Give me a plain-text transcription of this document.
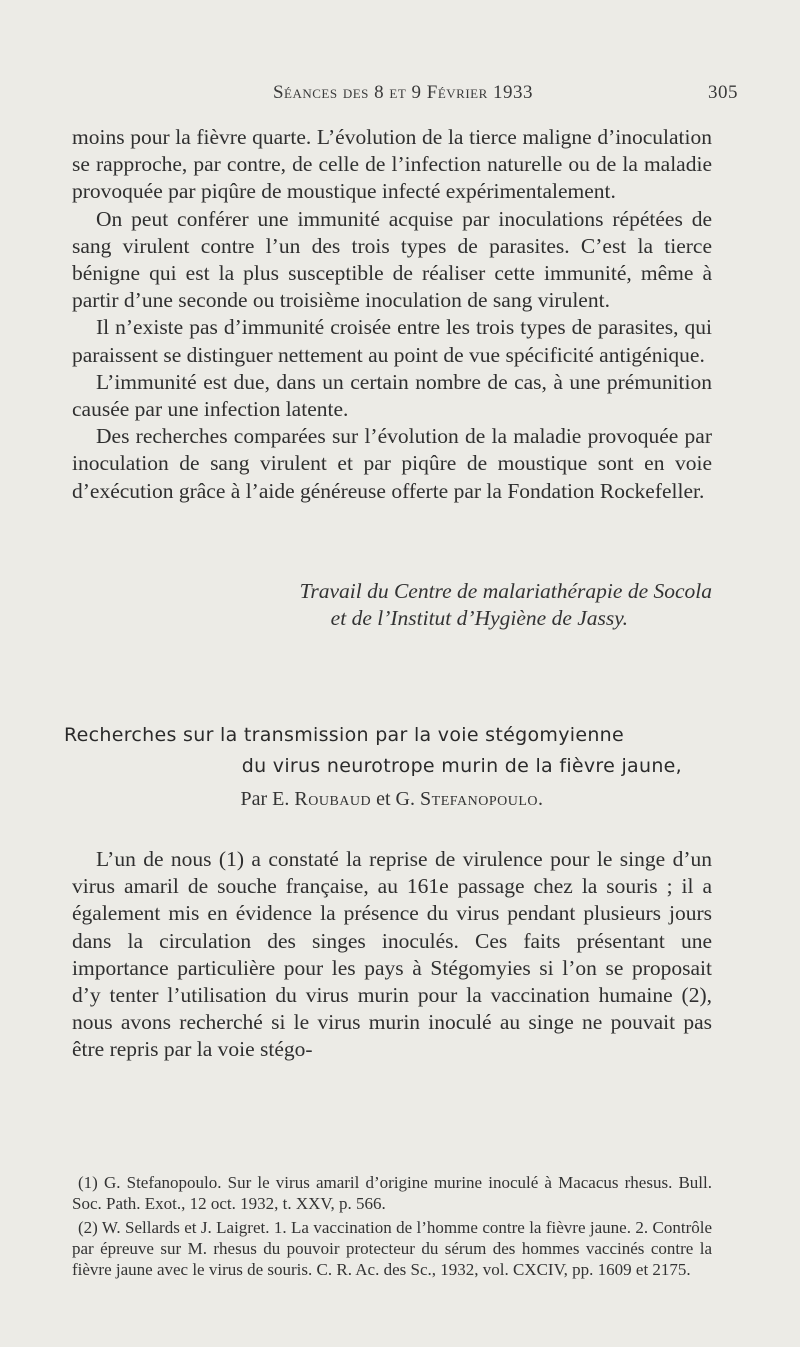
Séances des 8 et 9 Février 1933	305

moins pour la fièvre quarte. L’évolution de la tierce maligne d’inoculation se rapproche, par contre, de celle de l’infection naturelle ou de la maladie provoquée par piqûre de moustique infecté expérimentalement.

On peut conférer une immunité acquise par inoculations répétées de sang virulent contre l’un des trois types de parasites. C’est la tierce bénigne qui est la plus susceptible de réaliser cette immunité, même à partir d’une seconde ou troisième inoculation de sang virulent.

Il n’existe pas d’immunité croisée entre les trois types de parasites, qui paraissent se distinguer nettement au point de vue spécificité antigénique.

L’immunité est due, dans un certain nombre de cas, à une prémunition causée par une infection latente.

Des recherches comparées sur l’évolution de la maladie provoquée par inoculation de sang virulent et par piqûre de moustique sont en voie d’exécution grâce à l’aide généreuse offerte par la Fondation Rockefeller.

Travail du Centre de malariathérapie de Socola
et de l’Institut d’Hygiène de Jassy.
Recherches sur la transmission par la voie stégomyienne
du virus neurotrope murin de la fièvre jaune,
Par E. Roubaud et G. Stefanopoulo.

L’un de nous (1) a constaté la reprise de virulence pour le singe d’un virus amaril de souche française, au 161e passage chez la souris ; il a également mis en évidence la présence du virus pendant plusieurs jours dans la circulation des singes inoculés. Ces faits présentant une importance particulière pour les pays à Stégomyies si l’on se proposait d’y tenter l’utilisation du virus murin pour la vaccination humaine (2), nous avons recherché si le virus murin inoculé au singe ne pouvait pas être repris par la voie stégo-

(1) G. Stefanopoulo. Sur le virus amaril d’origine murine inoculé à Macacus rhesus. Bull. Soc. Path. Exot., 12 oct. 1932, t. XXV, p. 566.

(2) W. Sellards et J. Laigret. 1. La vaccination de l’homme contre la fièvre jaune. 2. Contrôle par épreuve sur M. rhesus du pouvoir protecteur du sérum des hommes vaccinés contre la fièvre jaune avec le virus de souris. C. R. Ac. des Sc., 1932, vol. CXCIV, pp. 1609 et 2175.
